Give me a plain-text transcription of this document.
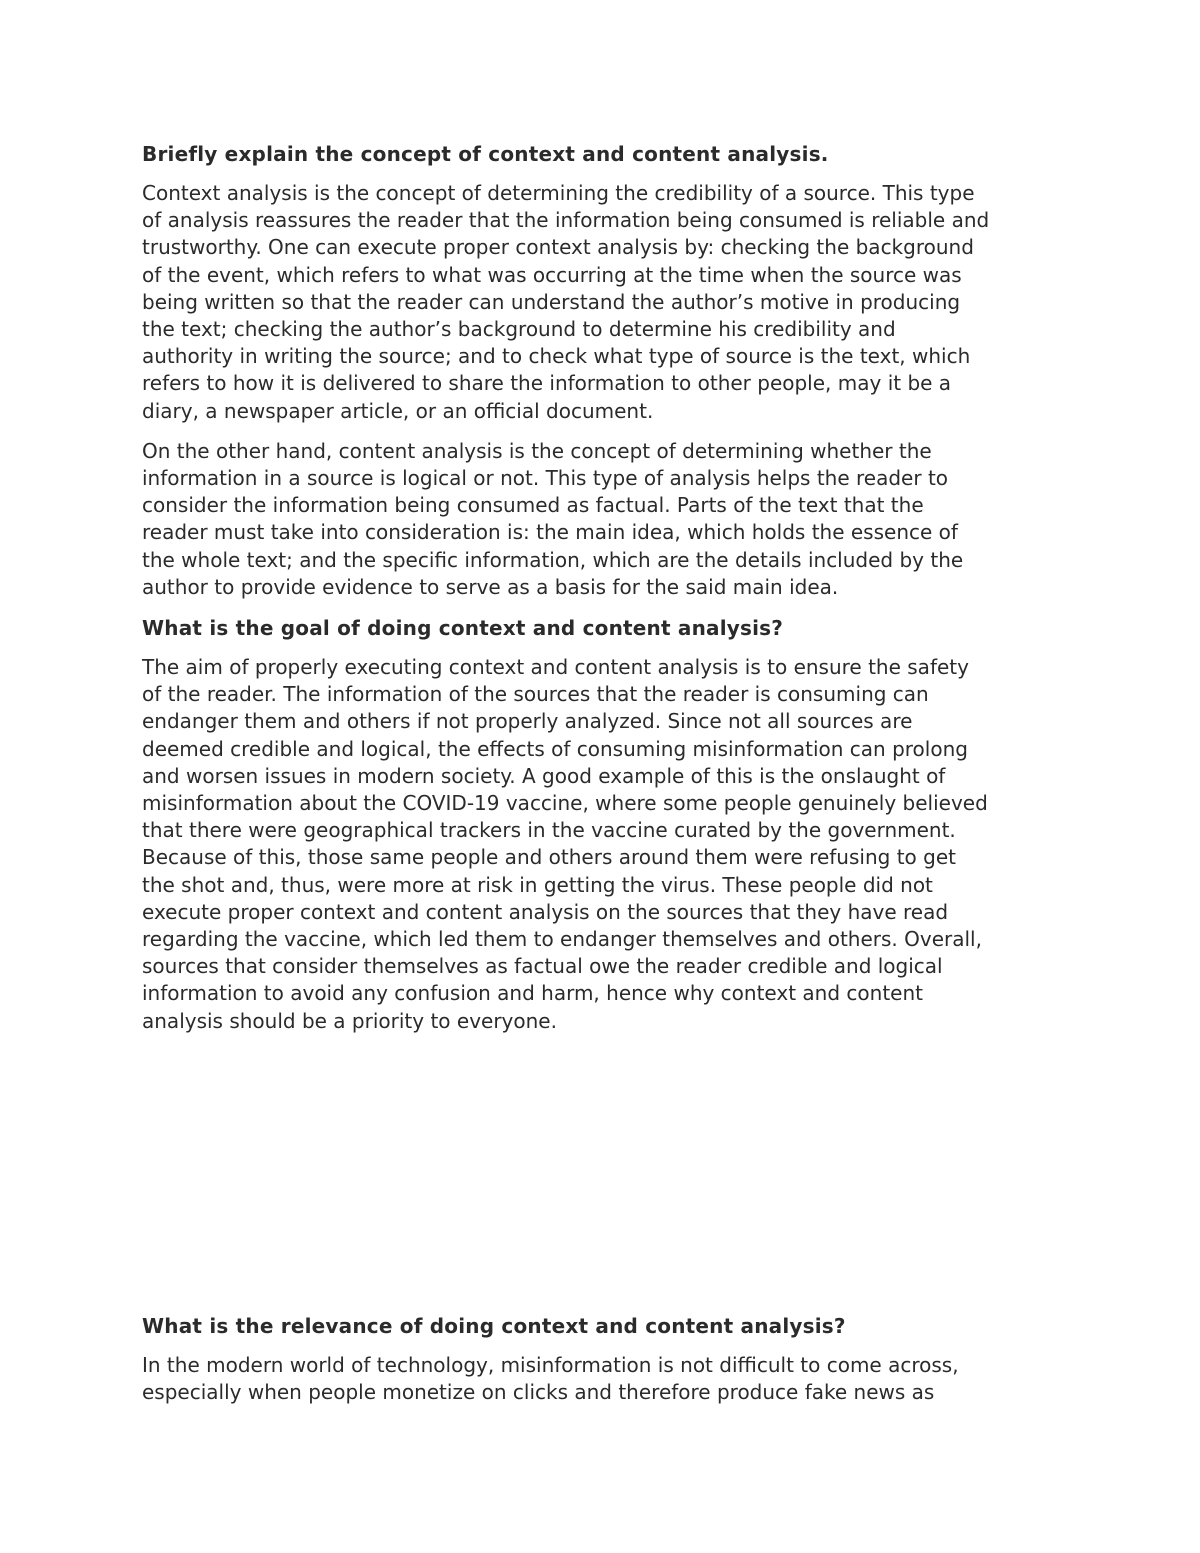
Briefly explain the concept of context and content analysis.
Context analysis is the concept of determining the credibility of a source. This type
of analysis reassures the reader that the information being consumed is reliable and
trustworthy. One can execute proper context analysis by: checking the background
of the event, which refers to what was occurring at the time when the source was
being written so that the reader can understand the author’s motive in producing
the text; checking the author’s background to determine his credibility and
authority in writing the source; and to check what type of source is the text, which
refers to how it is delivered to share the information to other people, may it be a
diary, a newspaper article, or an official document.
On the other hand, content analysis is the concept of determining whether the
information in a source is logical or not. This type of analysis helps the reader to
consider the information being consumed as factual. Parts of the text that the
reader must take into consideration is: the main idea, which holds the essence of
the whole text; and the specific information, which are the details included by the
author to provide evidence to serve as a basis for the said main idea.
What is the goal of doing context and content analysis?
The aim of properly executing context and content analysis is to ensure the safety
of the reader. The information of the sources that the reader is consuming can
endanger them and others if not properly analyzed. Since not all sources are
deemed credible and logical, the effects of consuming misinformation can prolong
and worsen issues in modern society. A good example of this is the onslaught of
misinformation about the COVID-19 vaccine, where some people genuinely believed
that there were geographical trackers in the vaccine curated by the government.
Because of this, those same people and others around them were refusing to get
the shot and, thus, were more at risk in getting the virus. These people did not
execute proper context and content analysis on the sources that they have read
regarding the vaccine, which led them to endanger themselves and others. Overall,
sources that consider themselves as factual owe the reader credible and logical
information to avoid any confusion and harm, hence why context and content
analysis should be a priority to everyone.
What is the relevance of doing context and content analysis?
In the modern world of technology, misinformation is not difficult to come across,
especially when people monetize on clicks and therefore produce fake news as
